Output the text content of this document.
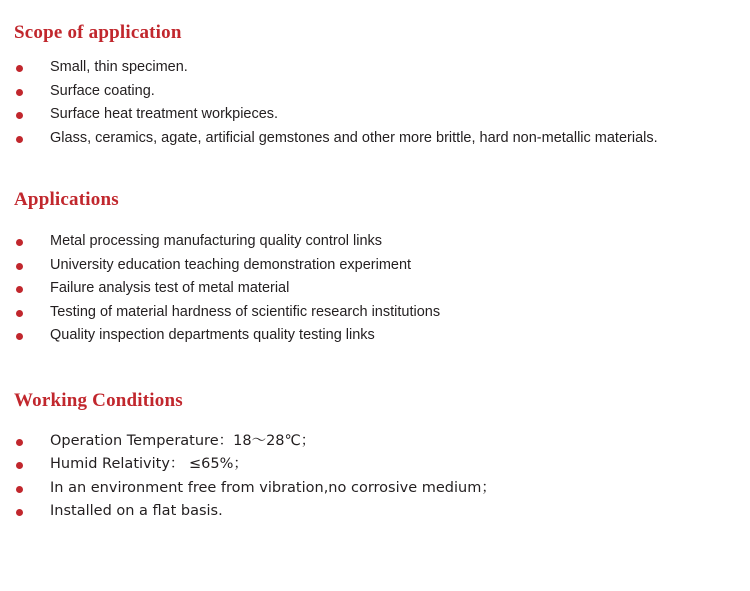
Scope of application
Small, thin specimen.
Surface coating.
Surface heat treatment workpieces.
Glass, ceramics, agate, artificial gemstones and other more brittle, hard non-metallic materials.
Applications
Metal processing manufacturing quality control links
University education teaching demonstration experiment
Failure analysis test of metal material
Testing of material hardness of scientific research institutions
Quality inspection departments quality testing links
Working Conditions
Operation Temperature：18～28℃；
Humid Relativity： ≤65%；
In an environment free from vibration,no corrosive medium；
Installed on a flat basis.
